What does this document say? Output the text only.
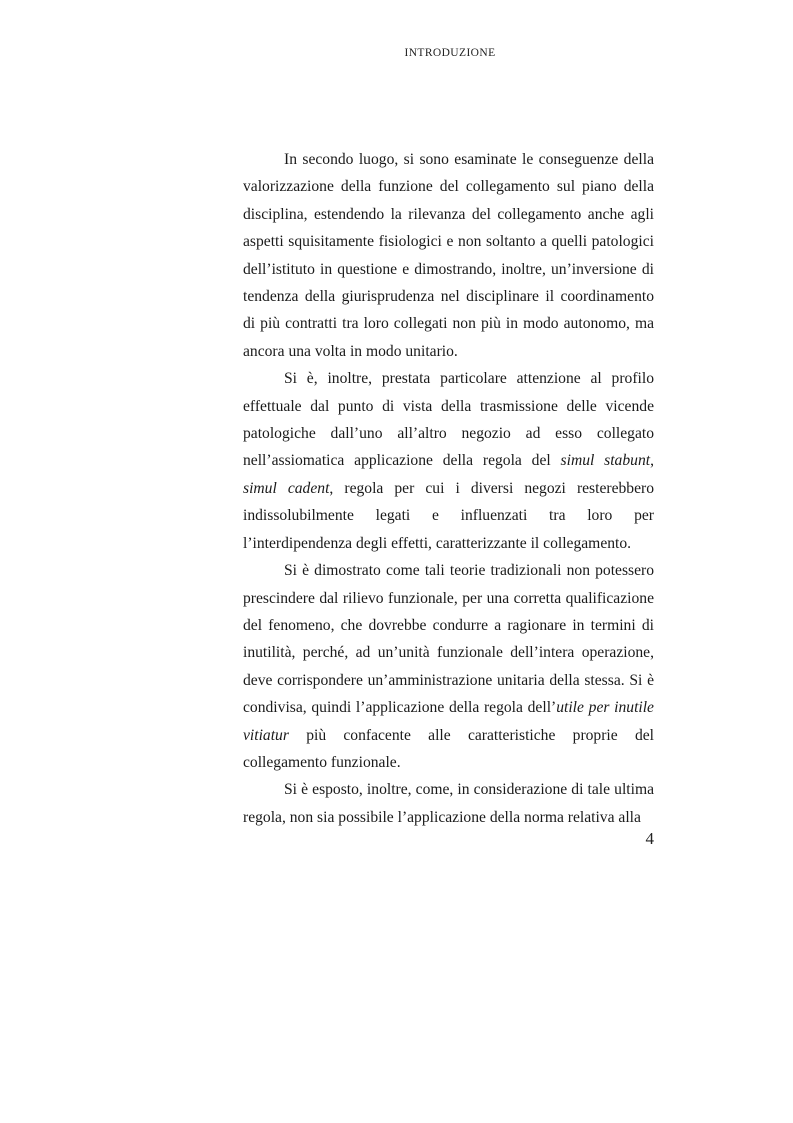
INTRODUZIONE

In secondo luogo, si sono esaminate le conseguenze della valorizzazione della funzione del collegamento sul piano della disciplina, estendendo la rilevanza del collegamento anche agli aspetti squisitamente fisiologici e non soltanto a quelli patologici dell’istituto in questione e dimostrando, inoltre, un’inversione di tendenza della giurisprudenza nel disciplinare il coordinamento di più contratti tra loro collegati non più in modo autonomo, ma ancora una volta in modo unitario.

Si è, inoltre, prestata particolare attenzione al profilo effettuale dal punto di vista della trasmissione delle vicende patologiche dall’uno all’altro negozio ad esso collegato nell’assiomatica applicazione della regola del simul stabunt, simul cadent, regola per cui i diversi negozi resterebbero indissolubilmente legati e influenzati tra loro per l’interdipendenza degli effetti, caratterizzante il collegamento.

Si è dimostrato come tali teorie tradizionali non potessero prescindere dal rilievo funzionale, per una corretta qualificazione del fenomeno, che dovrebbe condurre a ragionare in termini di inutilità, perché, ad un’unità funzionale dell’intera operazione, deve corrispondere un’amministrazione unitaria della stessa. Si è condivisa, quindi l’applicazione della regola dell’utile per inutile vitiatur più confacente alle caratteristiche proprie del collegamento funzionale.

Si è esposto, inoltre, come, in considerazione di tale ultima regola, non sia possibile l’applicazione della norma relativa alla

4
